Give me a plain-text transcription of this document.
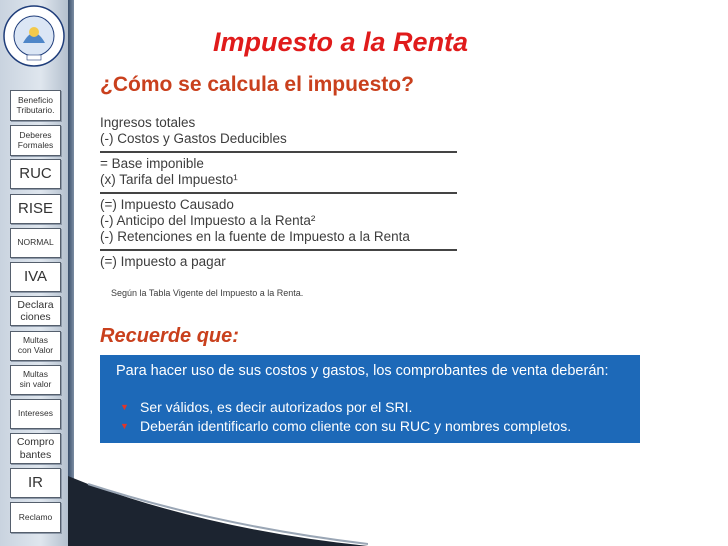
Beneficio
Tributario.
Deberes
Formales
RUC
RISE
NORMAL
IVA
Declara
ciones
Multas
con Valor
Multas
sin valor
Intereses
Compro
bantes
IR
Reclamo
Impuesto a la Renta
¿Cómo se calcula el impuesto?
Ingresos totales
(-) Costos y Gastos Deducibles
= Base imponible
(x) Tarifa del Impuesto¹
(=) Impuesto Causado
(-) Anticipo del Impuesto a la Renta²
(-) Retenciones en la fuente de Impuesto a la Renta
(=) Impuesto a pagar
Según la Tabla Vigente del Impuesto a la Renta.
Recuerde que:
Para hacer uso de sus costos y gastos, los comprobantes de venta deberán:
▼ Ser válidos, es decir autorizados por el SRI.
▼ Deberán identificarlo como cliente con su RUC y nombres completos.
